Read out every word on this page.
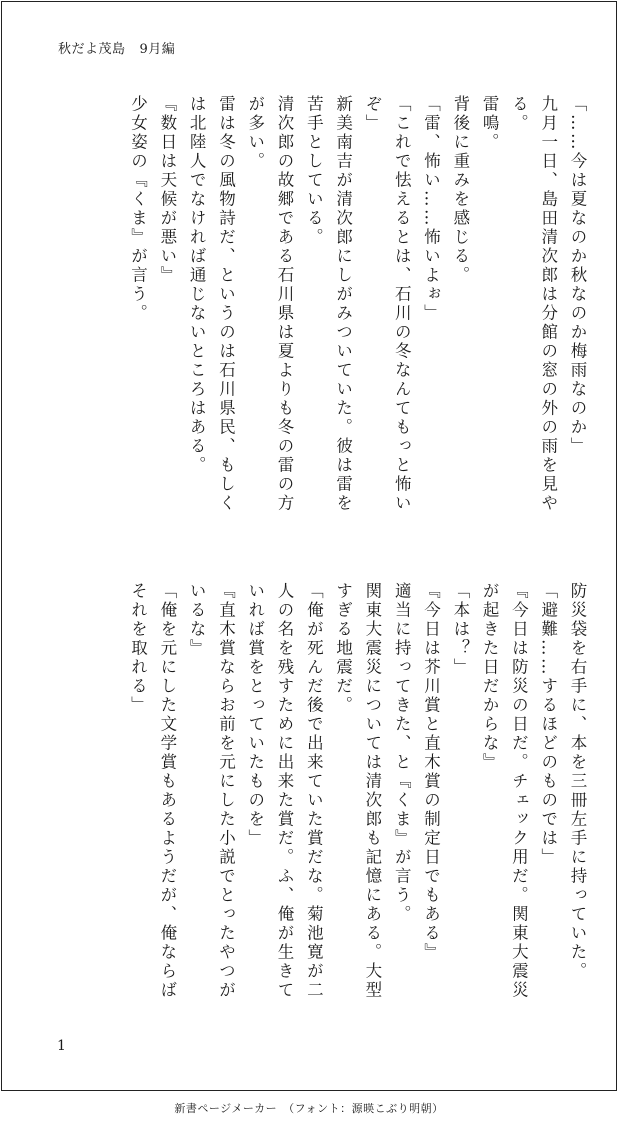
秋だよ茂島 9月編

「……今は夏なのか秋なのか梅雨なのか」

九月一日、島田清次郎は分館の窓の外の雨を見やる。

雷鳴。

背後に重みを感じる。

「雷、怖い……怖いよぉ」

「これで怯えるとは、石川の冬なんてもっと怖いぞ」

新美南吉が清次郎にしがみついていた。彼は雷を苦手としている。

清次郎の故郷である石川県は夏よりも冬の雷の方が多い。

雷は冬の風物詩だ、というのは石川県民、もしくは北陸人でなければ通じないところはある。

『数日は天候が悪い』

少女姿の『くま』が言う。

防災袋を右手に、本を三冊左手に持っていた。

「避難……するほどのものでは」

『今日は防災の日だ。チェック用だ。関東大震災が起きた日だからな』

「本は？」

『今日は芥川賞と直木賞の制定日でもある』

適当に持ってきた、と『くま』が言う。

関東大震災については清次郎も記憶にある。大型すぎる地震だ。

「俺が死んだ後で出来ていた賞だな。菊池寛が二人の名を残すために出来た賞だ。ふ、俺が生きていれば賞をとっていたものを」

『直木賞ならお前を元にした小説でとったやつがいるな』

「俺を元にした文学賞もあるようだが、俺ならばそれを取れる」

1
新書ページメーカー　（フォント：源暎こぶり明朝）
